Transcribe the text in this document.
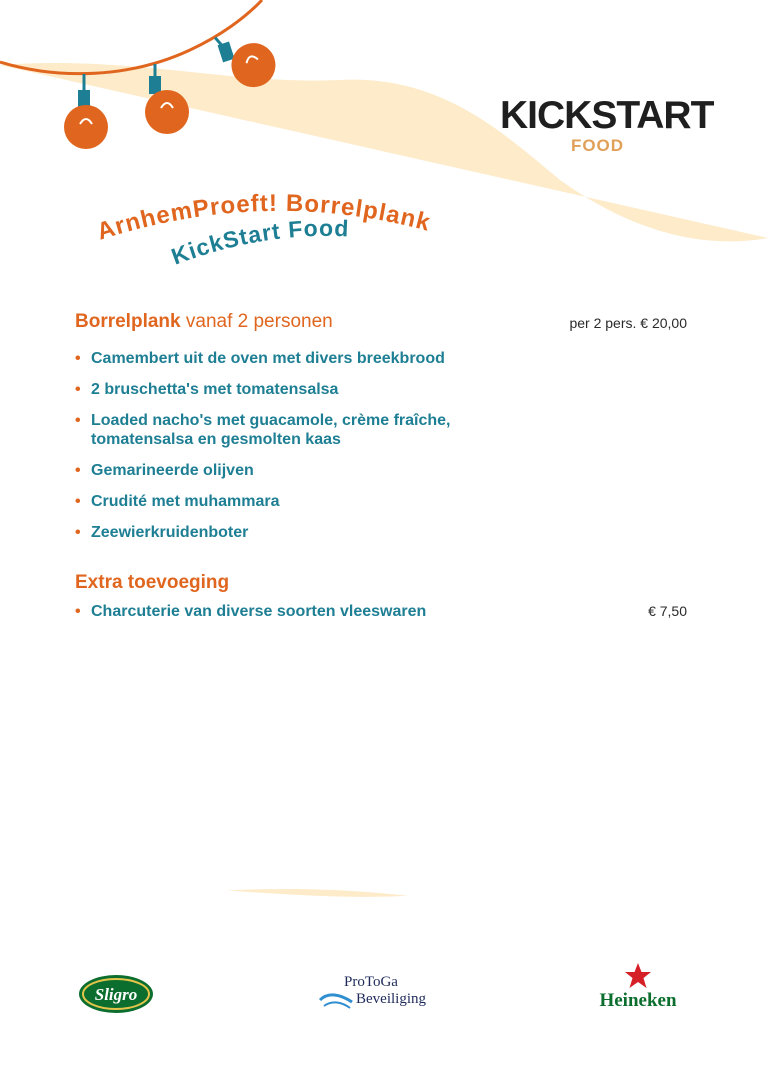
KICKSTART
FOOD
ArnhemProeft! Borrelplank
KickStart Food
Borrelplank vanaf 2 personen	per 2 pers. € 20,00
• Camembert uit de oven met divers breekbrood
• 2 bruschetta's met tomatensalsa
• Loaded nacho's met guacamole, crème fraîche, tomatensalsa en gesmolten kaas
• Gemarineerde olijven
• Crudité met muhammara
• Zeewierkruidenboter
Extra toevoeging
• Charcuterie van diverse soorten vleeswaren	€ 7,50
Sligro
ProToGa
Beveiliging	Heineken
